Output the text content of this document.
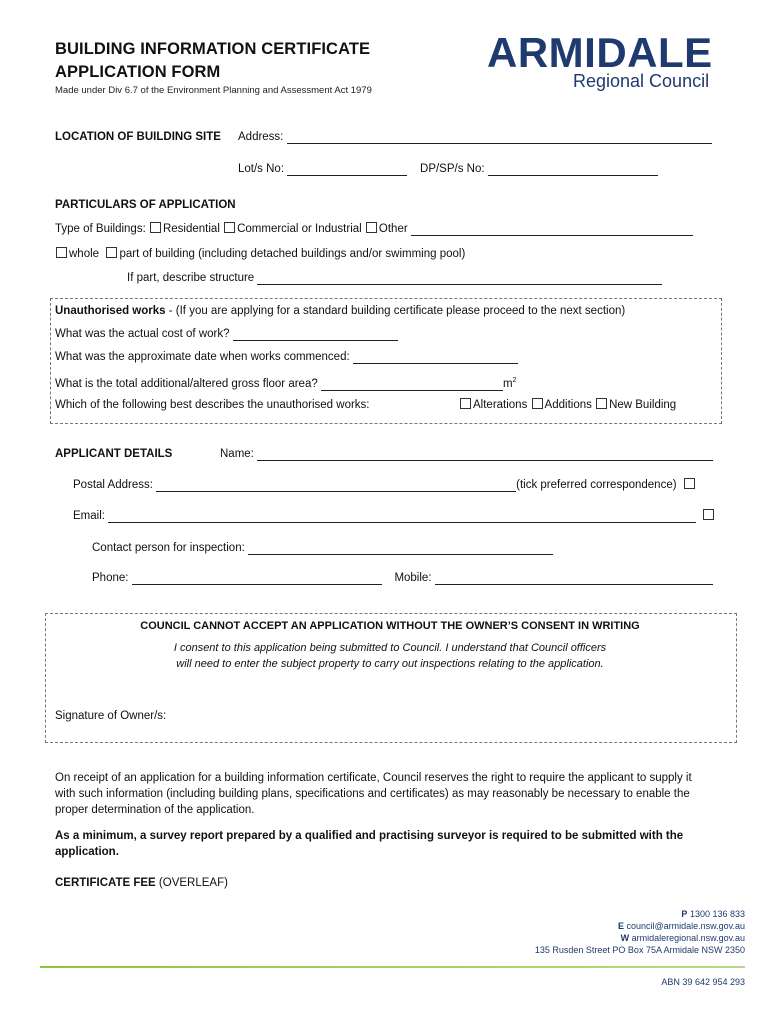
BUILDING INFORMATION CERTIFICATE
APPLICATION FORM
Made under Div 6.7 of the Environment Planning and Assessment Act 1979
ARMIDALE
Regional Council
LOCATION OF BUILDING SITE Address:
Lot/s No:	DP/SP/s No:
PARTICULARS OF APPLICATION
Type of Buildings: Residential Commercial or Industrial Other
whole part of building (including detached buildings and/or swimming pool)
If part, describe structure
Unauthorised works - (If you are applying for a standard building certificate please proceed to the next section)
What was the actual cost of work?
What was the approximate date when works commenced:
What is the total additional/altered gross floor area?	$m^2$
Which of the following best describes the unauthorised works:	Alterations Additions New Building
APPLICANT DETAILS	Name:
Postal Address:	(tick preferred correspondence)
Email:
Contact person for inspection:
Phone:	Mobile:
COUNCIL CANNOT ACCEPT AN APPLICATION WITHOUT THE OWNER’S CONSENT IN WRITING
I consent to this application being submitted to Council. I understand that Council officers
will need to enter the subject property to carry out inspections relating to the application.
Signature of Owner/s:
On receipt of an application for a building information certificate, Council reserves the right to require the applicant to supply it with such information (including building plans, specifications and certificates) as may reasonably be necessary to enable the proper determination of the application.
As a minimum, a survey report prepared by a qualified and practising surveyor is required to be submitted with the application.
CERTIFICATE FEE (OVERLEAF)
P 1300 136 833
E council@armidale.nsw.gov.au
W armidaleregional.nsw.gov.au
135 Rusden Street PO Box 75A Armidale NSW 2350
ABN 39 642 954 293
